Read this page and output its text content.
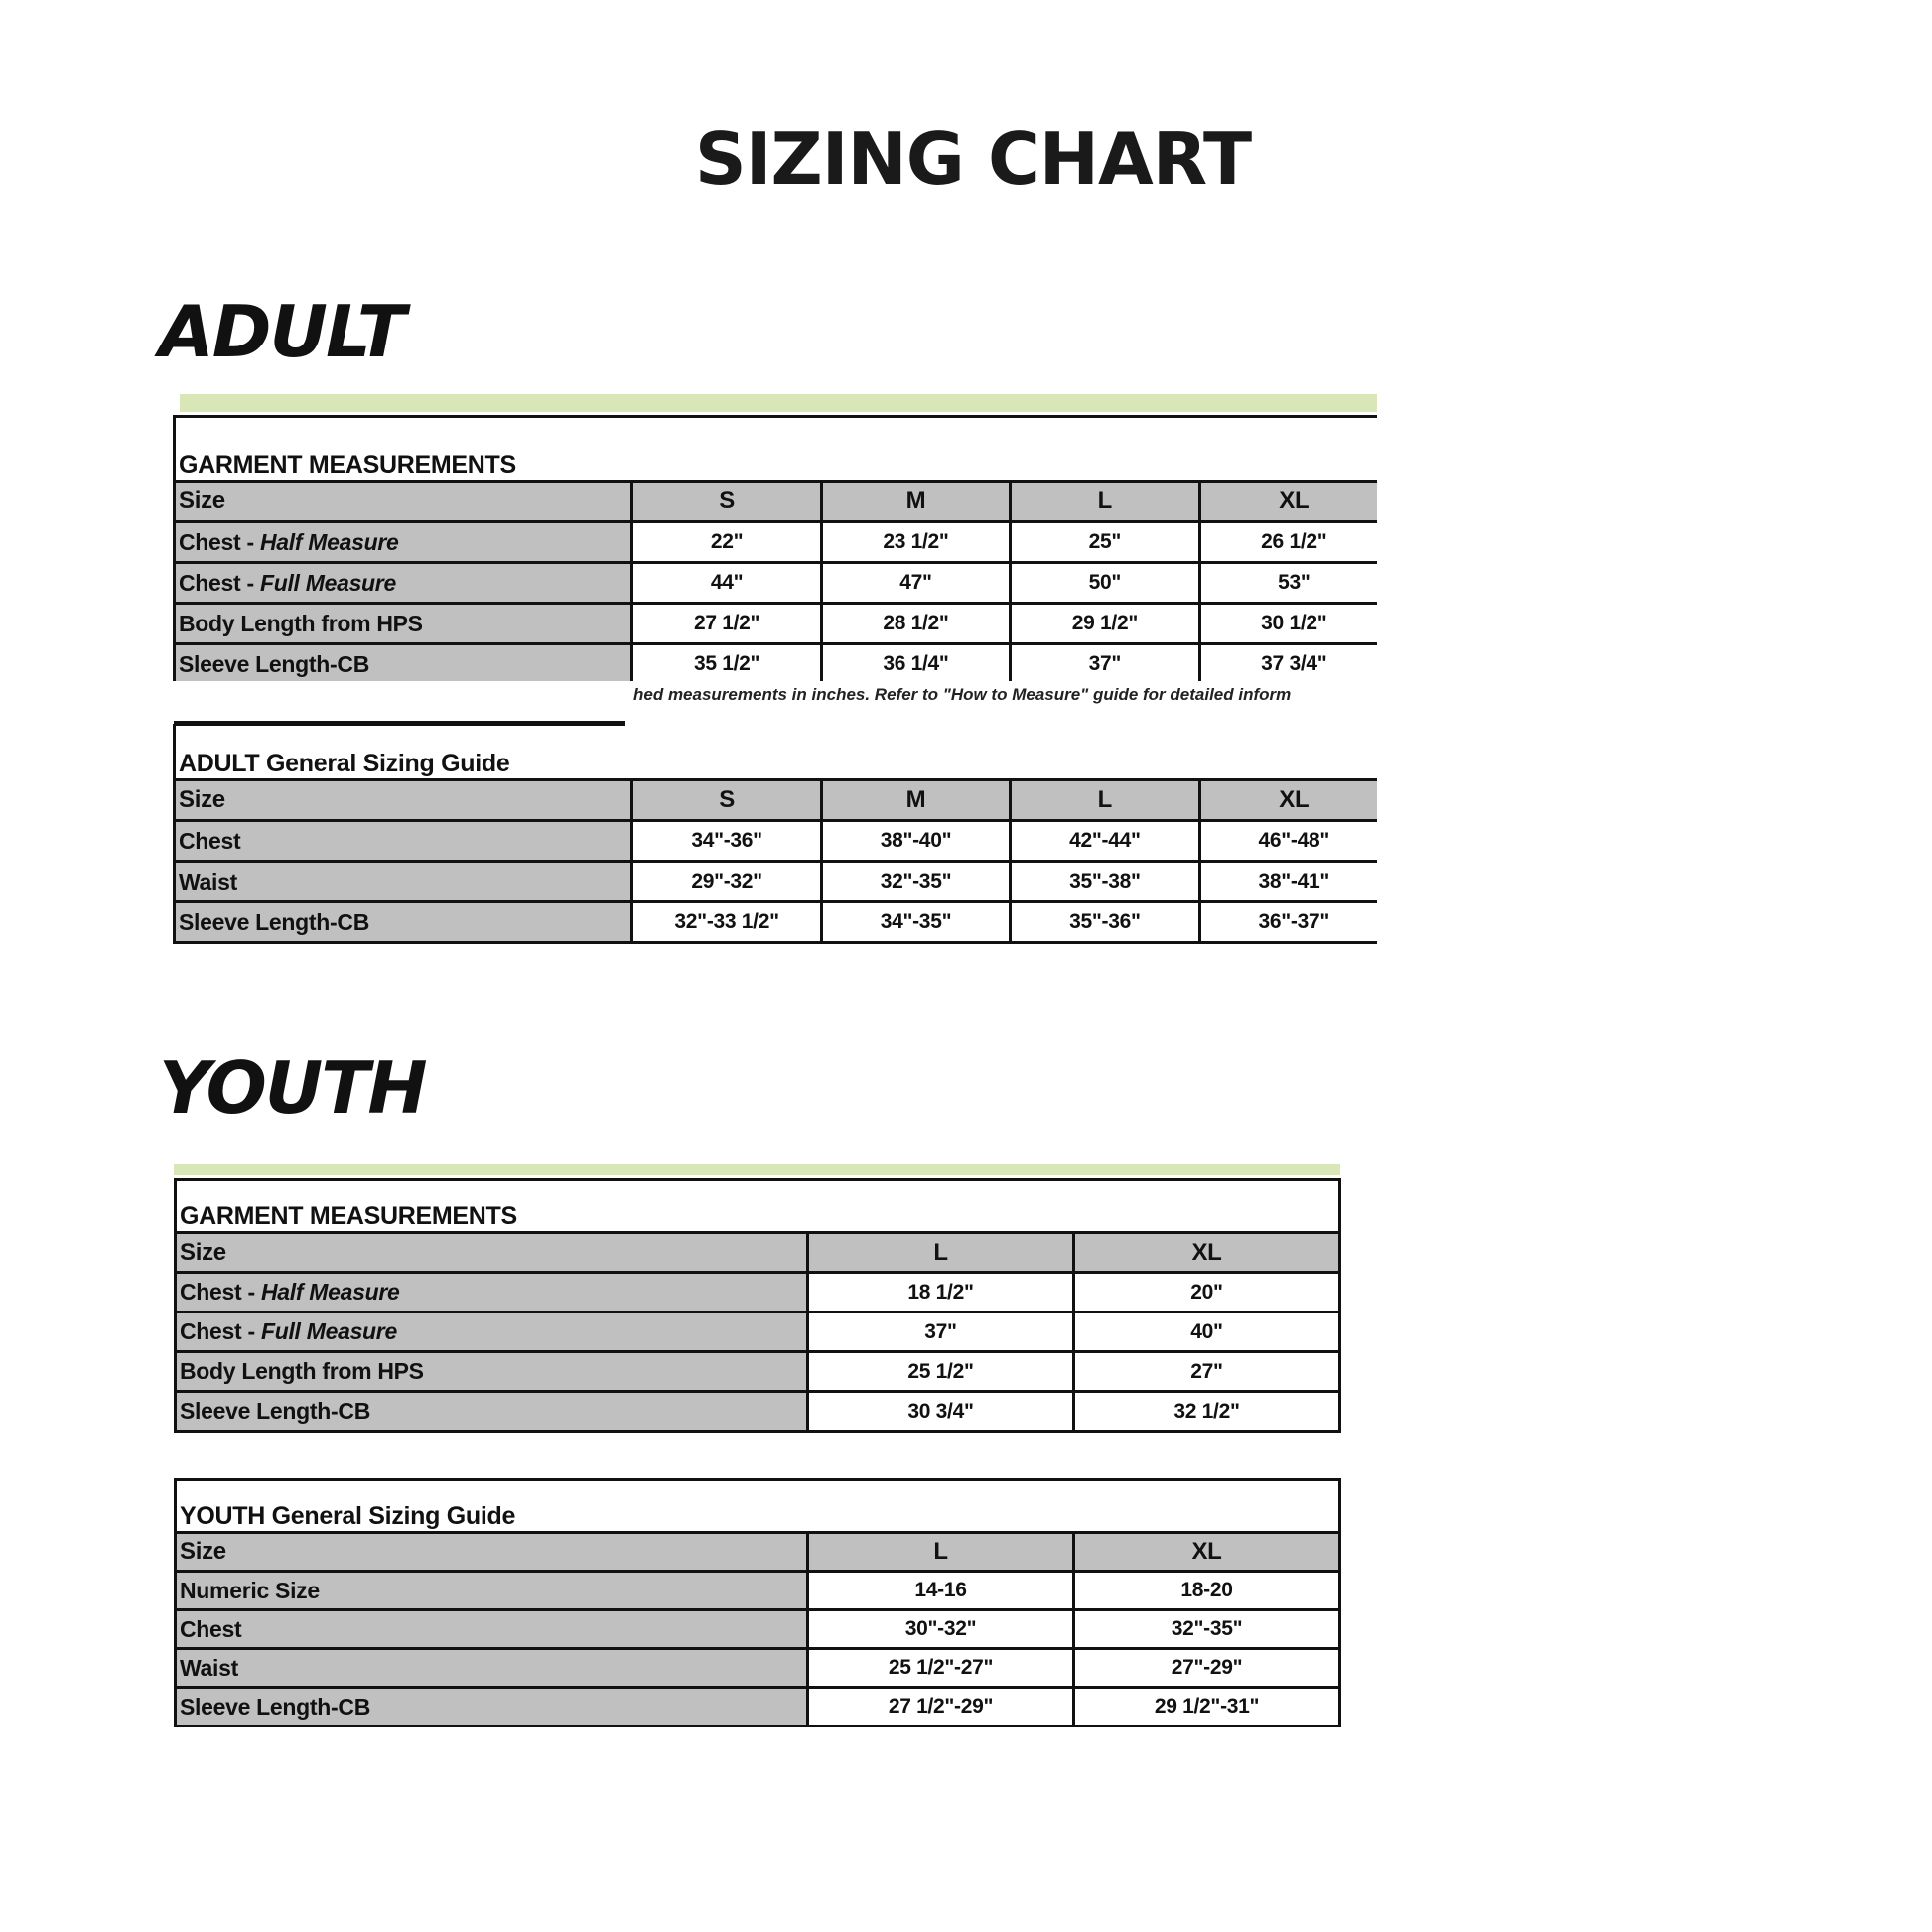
SIZING CHART
ADULT
GARMENT MEASUREMENTS				
Size	S	M	L	XL
Chest - Half Measure	22"	23 1/2"	25"	26 1/2"
Chest - Full Measure	44"	47"	50"	53"
Body Length from HPS	27 1/2"	28 1/2"	29 1/2"	30 1/2"
Sleeve Length-CB	35 1/2"	36 1/4"	37"	37 3/4"
hed measurements in inches. Refer to "How to Measure" guide for detailed inform
ADULT General Sizing Guide				
Size	S	M	L	XL
Chest	34"-36"	38"-40"	42"-44"	46"-48"
Waist	29"-32"	32"-35"	35"-38"	38"-41"
Sleeve Length-CB	32"-33 1/2"	34"-35"	35"-36"	36"-37"
YOUTH
GARMENT MEASUREMENTS		
Size	L	XL
Chest - Half Measure	18 1/2"	20"
Chest - Full Measure	37"	40"
Body Length from HPS	25 1/2"	27"
Sleeve Length-CB	30 3/4"	32 1/2"
YOUTH General Sizing Guide		
Size	L	XL
Numeric Size	14-16	18-20
Chest	30"-32"	32"-35"
Waist	25 1/2"-27"	27"-29"
Sleeve Length-CB	27 1/2"-29"	29 1/2"-31"
